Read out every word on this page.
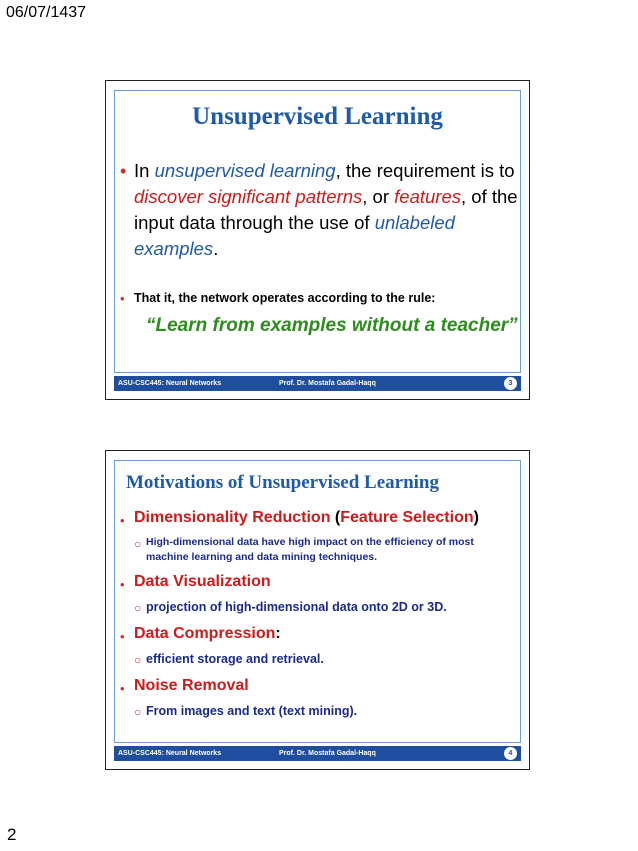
06/07/1437
Unsupervised Learning
• In unsupervised learning, the requirement is to discover significant patterns, or features, of the input data through the use of unlabeled examples.
• That it, the network operates according to the rule:
“Learn from examples without a teacher”
ASU-CSC445: Neural Networks	Prof. Dr. Mostafa Gadal-Haqq	3
Motivations of Unsupervised Learning
• Dimensionality Reduction (Feature Selection)
○ High-dimensional data have high impact on the efficiency of most machine learning and data mining techniques.
• Data Visualization
○ projection of high-dimensional data onto 2D or 3D.
• Data Compression:
○ efficient storage and retrieval.
• Noise Removal
○ From images and text (text mining).
ASU-CSC445: Neural Networks	Prof. Dr. Mostafa Gadal-Haqq	4
2
